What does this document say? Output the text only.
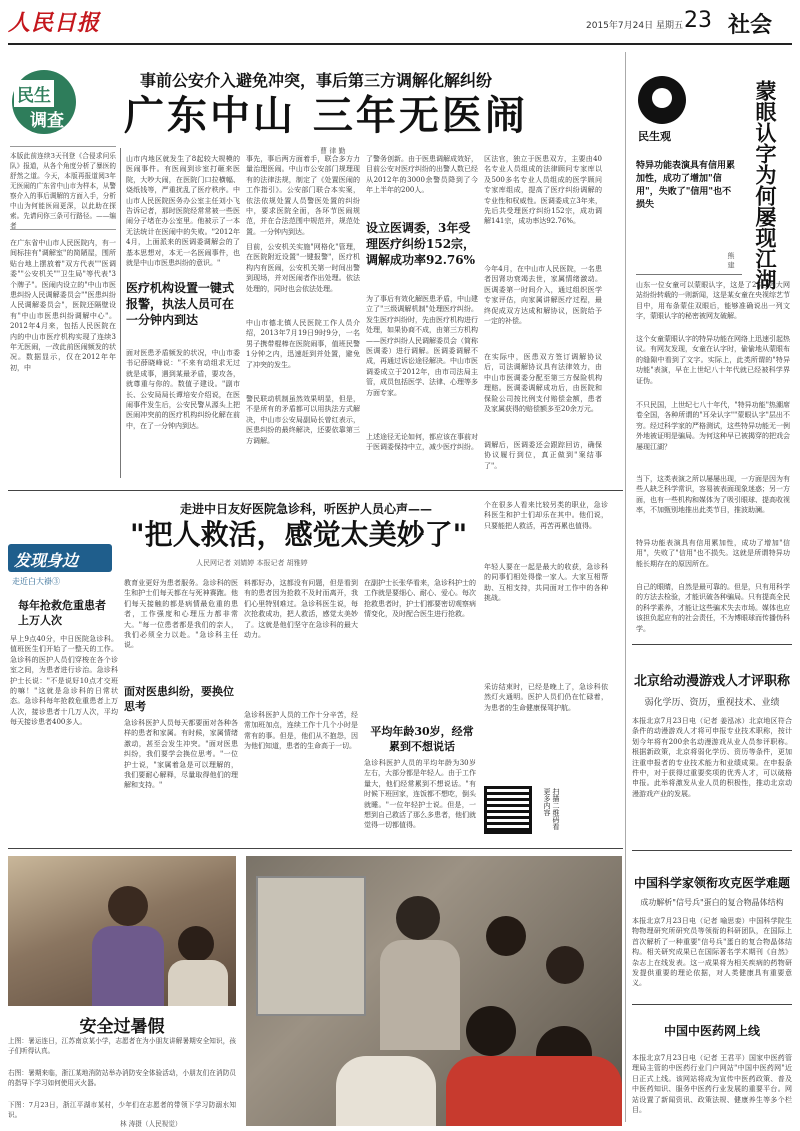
人民日报	2015年7月24日 星期五 23 社会
民生
调查
事前公安介入避免冲突，事后第三方调解化解纠纷
广东中山 三年无医闹
曹 律 勤
本版此前连续3天刊登《合侵求问乐队》报道，从各个角度分析了暴医的舒然之道。今天，本版再报道阅3年无医闹的广东省中山市为样本，从警察介入的事后调解的方面入手，分析中山为何能医闹更深，以此助在探索。先请问你三条可行路径。——编者
在广东省中山市人民医院内，有一间标挂有"调解室"的简陋屋，围所贴台地上摆放着"双方代表""医调委""公安机关""卫生局"等代表"3个牌子"。医闹内设立的"中山市医患纠纷人民调解委员会""医患纠纷人民调解委员会"，医院还隔壁设有"中山市医患纠纷调解中心"。2012年4月来，包括人民医院在内的中山市医疗机构实现了连续3年无医闹，一改此前医闹频发的状况。数据显示，仅在2012年年初，中
山市内地区就发生了8起较大规模的医闹事件。有医闹到诊室打砸来医院，大吵大闹，在医院门口拉横幅、烧纸钱等，严重扰乱了医疗秩序。中山市人民医院医务办公室主任刘小飞告诉记者，那时医院经常常被一些医闹分子堵在办公室里。他被示了一本无法统计在医闹中的失败。"2012年4月，上面派来的医调委调解会的了基本思想对，本无一名医闹事件，也就是中山市医患纠纷的意识。"
医疗机构设置一键式报警，执法人员可在一分钟内到达
面对医患矛盾频发的状况，中山市委书记薛晓峰说："不来有动组求无过就是成事，遇到某最矛盾，要攻各，就尊重与你的。数值子建设。"副市长、公安局局长谭培安介绍说，在医闹事件发生后，公安民警从源头上把医闹冲突前的医疗机构纠纷化解在前中，在了一分钟内到达。
事先，事后两方面着手，联合多方力量治理医闹。中山市公安部门规理现有的法律法规，制定了《处置医闹的工作指引》。公安部门联合本实案，依法依规处置人员警医处置的纠纷中，要求医院全面，各环节医闹规范，并在合法范围中规范并，规范处置。一分钟内到达。
目前，公安机关实施"网格化"管理，在医院附近设置"一键报警"，医疗机构内有医闹，公安机关第一时间出警到现场，并对医闹者作出处理。依法处理的，同时也会依法处理。
中山市德北镇人民医院工作人员介绍，2013年7月19日9时9分，一名男子携带棍棒在医院闹事，值班民警1分钟之内，迅速赶到并处置，避免了冲突的发生。
警民联动机制虽然效果明显，但是，不是所有的矛盾都可以用执法方式解决，中山市公安局副局长曾红表示，医患纠纷的最终解决，还要依靠第三方调解。
了警务创新。由于医患调解成效好，目前公安对医疗纠纷的出警人数已经从2012年的3000余警员降到了今年上半年的200人。
设立医调委，3年受理医疗纠纷152宗，调解成功率92.76%
为了事后有效化解医患矛盾，中山建立了"三级调解机制"处理医疗纠纷。发生医疗纠纷时，先由医疗机构进行处理，如果协商不成，由第三方机构——医疗纠纷人民调解委员会（简称医调委）进行调解。医调委调解不成，再通过诉讼途径解决。中山市医调委成立于2012年，由市司法局主管，成员包括医学、法律、心理等多方面专家。
上述途径无论如何，都应该在事前对于医调委保持中立，减少医疗纠纷。
区法官，独立于医患双方，主要由40名专业人员组成的法律顾问专家库以及500多名专业人员组成的医学顾问专家库组成，提高了医疗纠纷调解的专业性和权威性。医调委成立3年来，先后共受理医疗纠纷152宗，成功调解141宗，成功率达92.76%。
今年4月，在中山市人民医院，一名患者因肾功衰竭去世，家属情绪激动。医调委第一时间介入，通过组织医学专家评估，向家属讲解医疗过程，最终促成双方达成和解协议，医院给予一定的补偿。
在实际中，医患双方签订调解协议后，司法调解协议具有法律效力，由中山市医调委分配至第三方保险机构理赔。医调委调解成功后，由医院和保险公司按比例支付赔偿金额，患者及家属获得的赔偿额多至20余万元。
调解后，医调委还会跟踪回访，确保协议履行到位，真正做到"案结事了"。
民生观	蒙眼认字为何屡现江湖
熊 建
特异功能表演具有信用累加性，成功了增加"信用"，失败了"信用"也不损失
山东一位女童可以蒙眼认字，这是了23日各大网站纷纷转载的一则新闻，这是某女童在央视综艺节目中，用布条蒙住双眼后，能够准确说出一列文字，蒙眼认字的秘密被网友破解。
这个女童蒙眼认字的特异功能在网络上迅速引起热议。有网友发现，女童在认字时，偷偷地从蒙眼布的缝隙中看到了文字。实际上，此类所谓的"特异功能"表演，早在上世纪八十年代就已经被科学界证伪。
不只民国，上世纪七八十年代，"特异功能"热潮席卷全国，各种所谓的"耳朵认字""蒙眼认字"层出不穷。经过科学家的严格测试，这些特异功能无一例外地被证明是骗局。为何这种早已被揭穿的把戏会屡现江湖？
当下，这类表演之所以屡屡出现，一方面是因为有些人缺乏科学常识，容易被表面现象迷惑；另一方面，也有一些机构和媒体为了吸引眼球、提高收视率，不加甄别地推出此类节目，推波助澜。
特异功能表演具有信用累加性，成功了增加"信用"，失败了"信用"也不损失。这就是所谓特异功能长期存在的原因所在。
自己的眼睛，自然是最可靠的。但是，只有用科学的方法去检验，才能识破各种骗局。只有提高全民的科学素养，才能让这些骗术失去市场。媒体也应该担负起应有的社会责任，不为博眼球而传播伪科学。
走进中日友好医院急诊科，听医护人员心声——
"把人救活，感觉太美妙了"
人民网记者 刘婧婷 本报记者 胡雅婷
发现身边
走近白大褂③
每年抢救危重患者上万人次
早上9点40分，中日医院急诊科。值班医生们开始了一整天的工作。急诊科的医护人员们穿梭在各个诊室之间，为患者进行诊治。急诊科护士长说："不是说好10点才交班的嘛！"这就是急诊科的日常状态。急诊科每年抢救危重患者上万人次，接诊患者十几万人次，平均每天接诊患者400多人。
教育业更好为患者服务。急诊科的医生和护士们每天都在与死神赛跑。他们每天接触的都是病情最危重的患者，工作强度和心理压力都非常大。"每一位患者都是我们的亲人，我们必须全力以赴。"急诊科主任说。
面对医患纠纷，要换位思考
急诊科医护人员每天都要面对各种各样的患者和家属。有时候，家属情绪激动，甚至会发生冲突。"面对医患纠纷，我们要学会换位思考。"一位护士说，"家属着急是可以理解的，我们要耐心解释，尽量取得他们的理解和支持。"
料都好办，这都没有问题，但是看到有的患者因为抢救不及时而离开，我们心里特别难过。急诊科医生说，每次抢救成功，把人救活，感觉太美妙了。这就是他们坚守在急诊科的最大动力。
急诊科医护人员的工作十分辛苦，经常加班加点，连续工作十几个小时是常有的事。但是，他们从不抱怨，因为他们知道，患者的生命高于一切。
在副护士长张华看来，急诊科护士的工作就是要细心、耐心、爱心。每次抢救患者时，护士们都要密切观察病情变化，及时配合医生进行抢救。
平均年龄30岁，经常累到不想说话
急诊科医护人员的平均年龄为30岁左右，大部分都是年轻人。由于工作量大，他们经常累到不想说话。"有时候下班回家，连饭都不想吃，倒头就睡。"一位年轻护士说。但是，一想到自己救活了那么多患者，他们就觉得一切都值得。
个在很多人看来比较另类的职业，急诊科医生和护士们却乐在其中。他们说，只要能把人救活，再苦再累也值得。
年轻人要在一起是最大的收获，急诊科的同事们相处得像一家人。大家互相帮助、互相支持，共同面对工作中的各种挑战。
采访结束时，已经是晚上了，急诊科依然灯火通明。医护人员们仍在忙碌着，为患者的生命健康保驾护航。
扫描二维码看更多内容
北京给动漫游戏人才评职称
弱化学历、资历，重视技术、业绩
本报北京7月23日电（记者 姜泓冰）北京地区符合条件的动漫游戏人才将可申报专业技术职称，按计划今年将有200余名动漫游戏从业人员参评职称。根据新政策，北京将弱化学历、资历等条件，更加注重申报者的专业技术能力和业绩成果。在申报条件中，对于获得过重要奖项的优秀人才，可以破格申报。此举将激发从业人员的积极性，推动北京动漫游戏产业的发展。
中国科学家领衔攻克医学难题
成功解析"信号兵"蛋白的复合物晶体结构
本报北京7月23日电（记者 喻思娈）中国科学院生物物理研究所研究员等领衔的科研团队，在国际上首次解析了一种重要"信号兵"蛋白的复合物晶体结构。相关研究成果已在国际著名学术期刊《自然》杂志上在线发表。这一成果将为相关疾病的药物研发提供重要的理论依据，对人类健康具有重要意义。
中国中医药网上线
本报北京7月23日电（记者 王君平）国家中医药管理局主管的中医药行业门户网站"中国中医药网"近日正式上线。该网站将成为宣传中医药政策、普及中医药知识、服务中医药行业发展的重要平台。网站设置了新闻资讯、政策法规、健康养生等多个栏目。
安全过暑假
上图：暑运连日，江苏南京某小学，志愿者在为小朋友讲解暑期安全知识，孩子们听得认真。
右图：暑期来临，浙江某地消防站举办消防安全体验活动，小朋友们在消防员的指导下学习如何使用灭火器。
下图：7月23日，浙江平湖市某村，少年们在志愿者的带领下学习防溺水知识。
林 涛摄（人民视觉）
